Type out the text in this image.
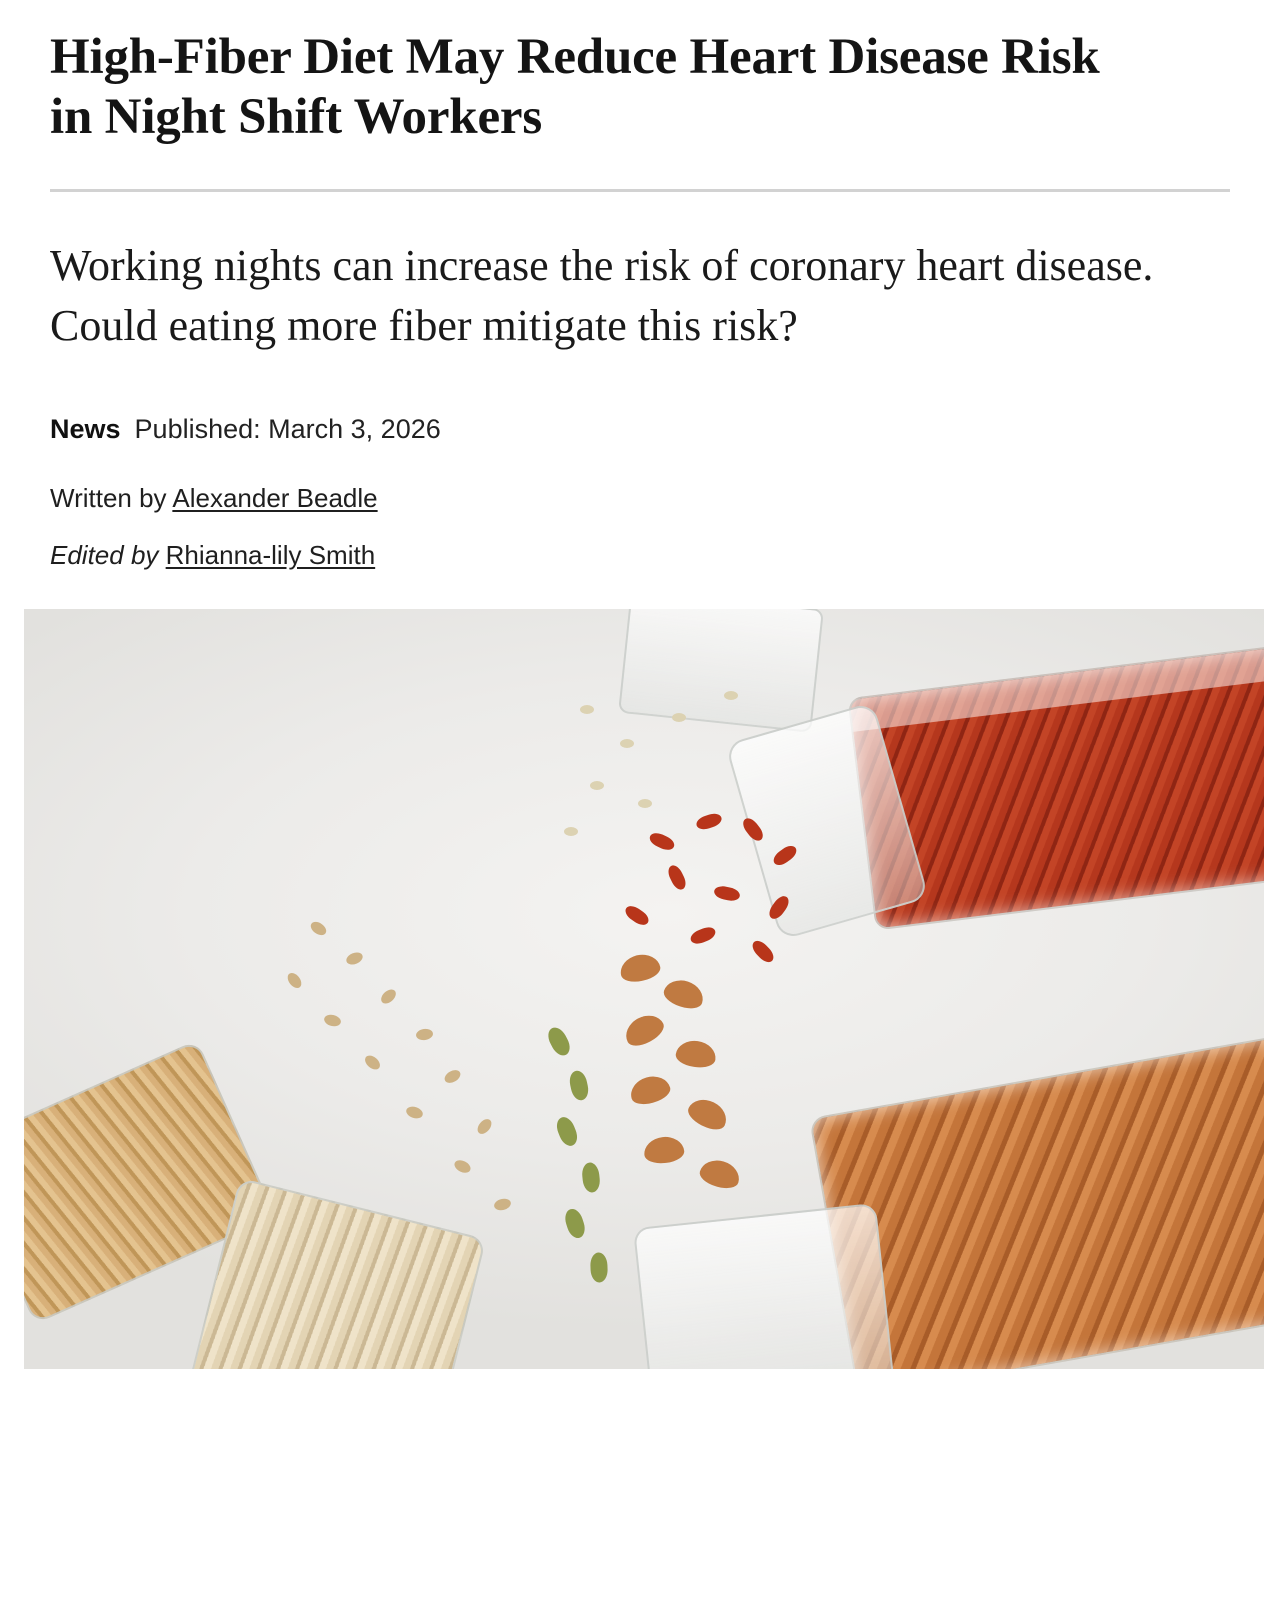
High-Fiber Diet May Reduce Heart Disease Risk in Night Shift Workers

Working nights can increase the risk of coronary heart disease. Could eating more fiber mitigate this risk?

News Published: March 3, 2026
Written by Alexander Beadle
Edited by Rhianna-lily Smith
